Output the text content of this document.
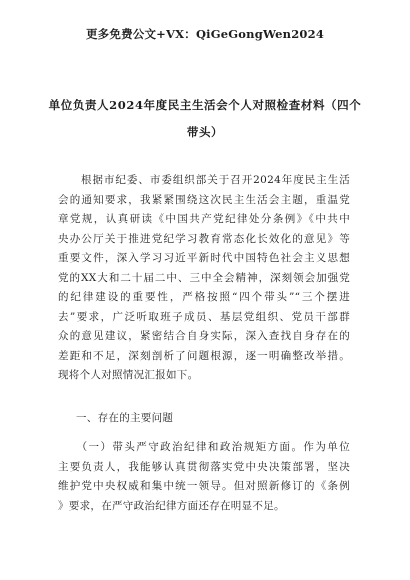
更多免费公文+VX：QiGeGongWen2024
单位负责人2024年度民主生活会个人对照检查材料（四个
带头）
　　根据市纪委、市委组织部关于召开2024年度民主生活
会的通知要求，我紧紧围绕这次民主生活会主题，重温党
章党规，认真研读《中国共产党纪律处分条例》《中共中
央办公厅关于推进党纪学习教育常态化长效化的意见》等
重要文件，深入学习习近平新时代中国特色社会主义思想
党的XX大和二十届二中、三中全会精神，深刻领会加强党
的纪律建设的重要性，严格按照“四个带头”“三个摆进
去”要求，广泛听取班子成员、基层党组织、党员干部群
众的意见建议，紧密结合自身实际，深入查找自身存在的
差距和不足，深刻剖析了问题根源，逐一明确整改举措。
现将个人对照情况汇报如下。
一、存在的主要问题
　　（一）带头严守政治纪律和政治规矩方面。作为单位
主要负责人，我能够认真贯彻落实党中央决策部署，坚决
维护党中央权威和集中统一领导。但对照新修订的《条例
》要求，在严守政治纪律方面还存在明显不足。
